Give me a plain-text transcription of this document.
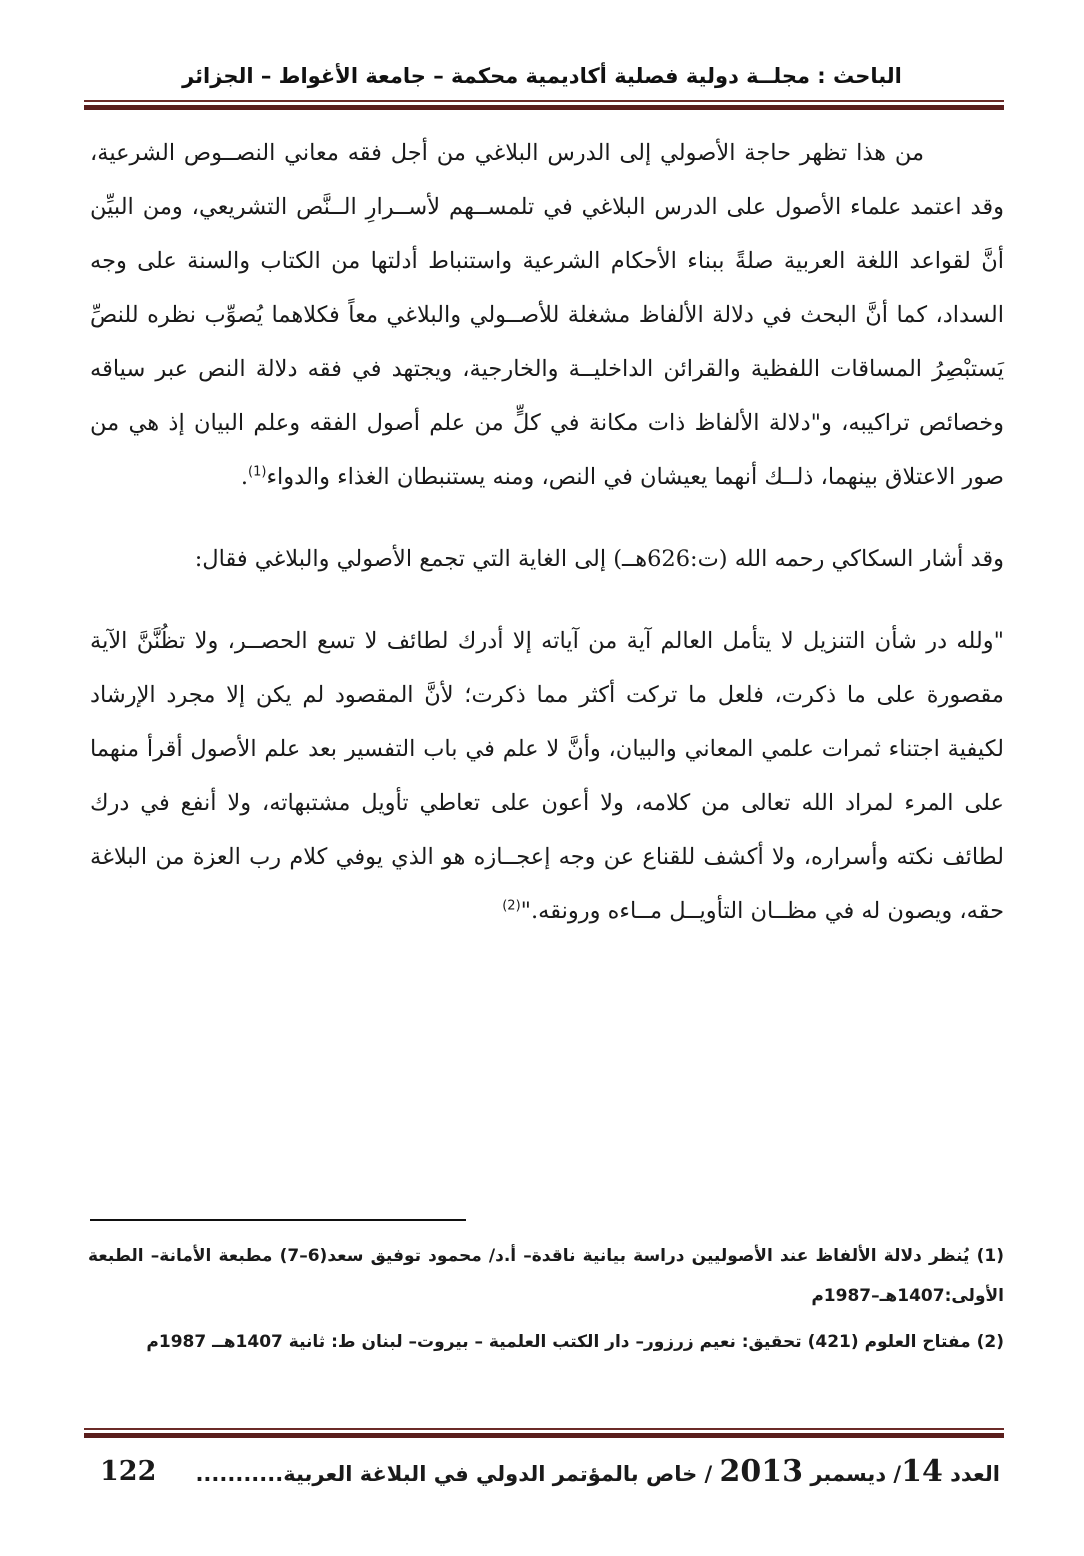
الباحث : مجلــة دولية فصلية أكاديمية محكمة – جامعة الأغواط – الجزائر

من هذا تظهر حاجة الأصولي إلى الدرس البلاغي من أجل فقه معاني النصــوص الشرعية، وقد اعتمد علماء الأصول على الدرس البلاغي في تلمســهم لأســرارِ الــنَّص التشريعي، ومن البيِّن أنَّ لقواعد اللغة العربية صلةً ببناء الأحكام الشرعية واستنباط أدلتها من الكتاب والسنة على وجه السداد، كما أنَّ البحث في دلالة الألفاظ مشغلة للأصــولي والبلاغي معاً فكلاهما يُصوِّب نظره للنصِّ يَستبْصِرُ المساقات اللفظية والقرائن الداخليــة والخارجية، ويجتهد في فقه دلالة النص عبر سياقه وخصائص تراكيبه، و"دلالة الألفاظ ذات مكانة في كلٍّ من علم أصول الفقه وعلم البيان إذ هي من صور الاعتلاق بينهما، ذلــك أنهما يعيشان في النص، ومنه يستنبطان الغذاء والدواء$^{(1)}$.

وقد أشار السكاكي رحمه الله (ت:626هــ) إلى الغاية التي تجمع الأصولي والبلاغي فقال:

"ولله در شأن التنزيل لا يتأمل العالم آية من آياته إلا أدرك لطائف لا تسع الحصــر، ولا تظُنَّنَّ الآية مقصورة على ما ذكرت، فلعل ما تركت أكثر مما ذكرت؛ لأنَّ المقصود لم يكن إلا مجرد الإرشاد لكيفية اجتناء ثمرات علمي المعاني والبيان، وأنَّ لا علم في باب التفسير بعد علم الأصول أقرأ منهما على المرء لمراد الله تعالى من كلامه، ولا أعون على تعاطي تأويل مشتبهاته، ولا أنفع في درك لطائف نكته وأسراره، ولا أكشف للقناع عن وجه إعجــازه هو الذي يوفي كلام رب العزة من البلاغة حقه، ويصون له في مظــان التأويــل مــاءه ورونقه."$^{(2)}$

(1) يُنظر دلالة الألفاظ عند الأصوليين دراسة بيانية ناقدة– أ.د/ محمود توفيق سعد(6–7) مطبعة الأمانة– الطبعة الأولى:1407هـ–1987م

(2) مفتاح العلوم (421) تحقيق: نعيم زرزور– دار الكتب العلمية – بيروت– لبنان ط: ثانية 1407هــ 1987م

العدد 14/ ديسمبر 2013 / خاص بالمؤتمر الدولي في البلاغة العربية...........
122
